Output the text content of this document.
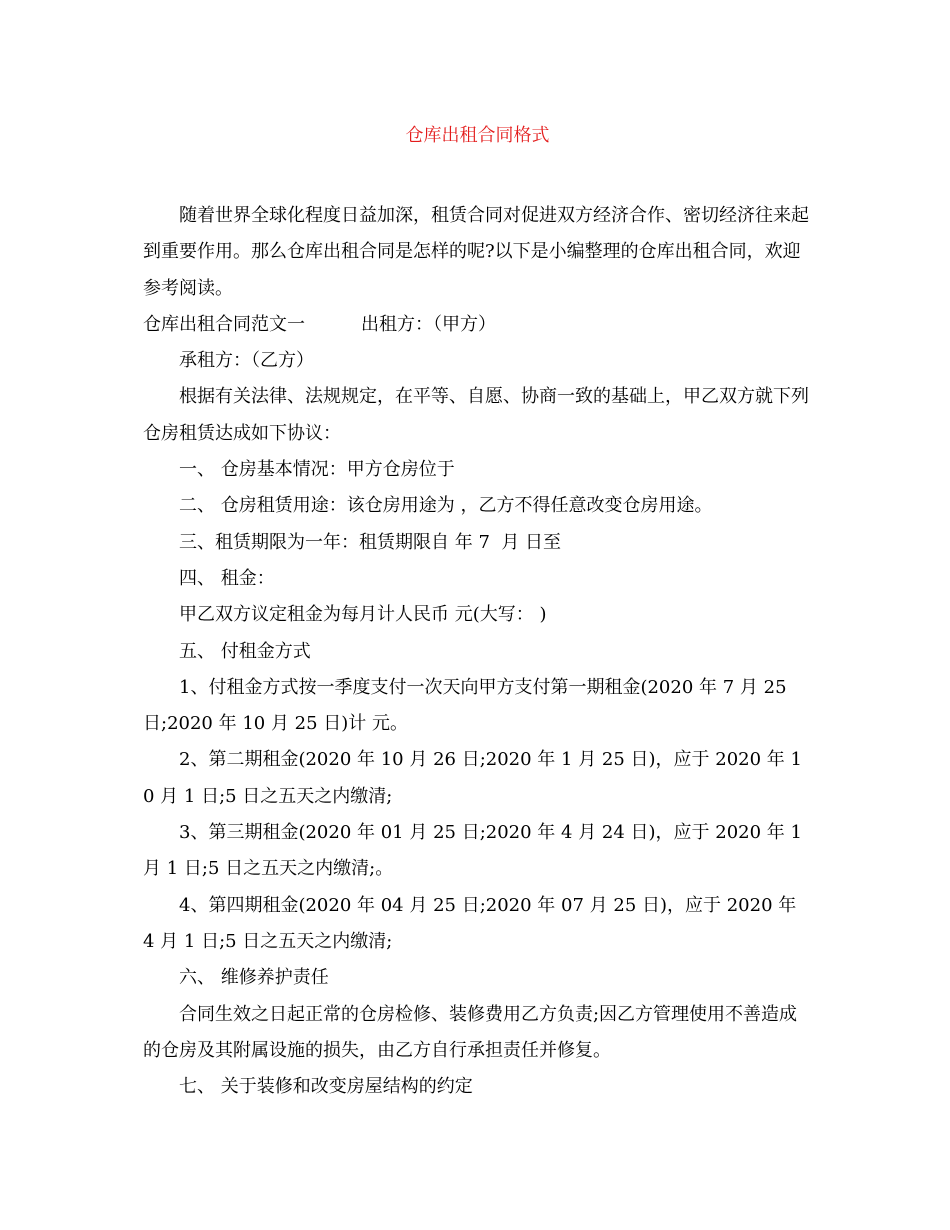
仓库出租合同格式

随着世界全球化程度日益加深，租赁合同对促进双方经济合作、密切经济往来起到重要作用。那么仓库出租合同是怎样的呢?以下是小编整理的仓库出租合同，欢迎参考阅读。

仓库出租合同范文一	出租方：（甲方）

承租方：（乙方）

根据有关法律、法规规定，在平等、自愿、协商一致的基础上，甲乙双方就下列仓房租赁达成如下协议：

一、 仓房基本情况：甲方仓房位于

二、 仓房租赁用途：该仓房用途为 ，乙方不得任意改变仓房用途。

三、租赁期限为一年：租赁期限自 年 7  月 日至

四、 租金：

甲乙双方议定租金为每月计人民币 元(大写： )

五、 付租金方式

1、付租金方式按一季度支付一次天向甲方支付第一期租金(2020 年 7 月 25 日;2020 年 10 月 25 日)计 元。

2、第二期租金(2020 年 10 月 26 日;2020 年 1 月 25 日)，应于 2020 年 10 月 1 日;5 日之五天之内缴清;

3、第三期租金(2020 年 01 月 25 日;2020 年 4 月 24 日)，应于 2020 年 1 月 1 日;5 日之五天之内缴清;。

4、第四期租金(2020 年 04 月 25 日;2020 年 07 月 25 日)，应于 2020 年 4 月 1 日;5 日之五天之内缴清;

六、 维修养护责任

合同生效之日起正常的仓房检修、装修费用乙方负责;因乙方管理使用不善造成的仓房及其附属设施的损失，由乙方自行承担责任并修复。

七、 关于装修和改变房屋结构的约定
